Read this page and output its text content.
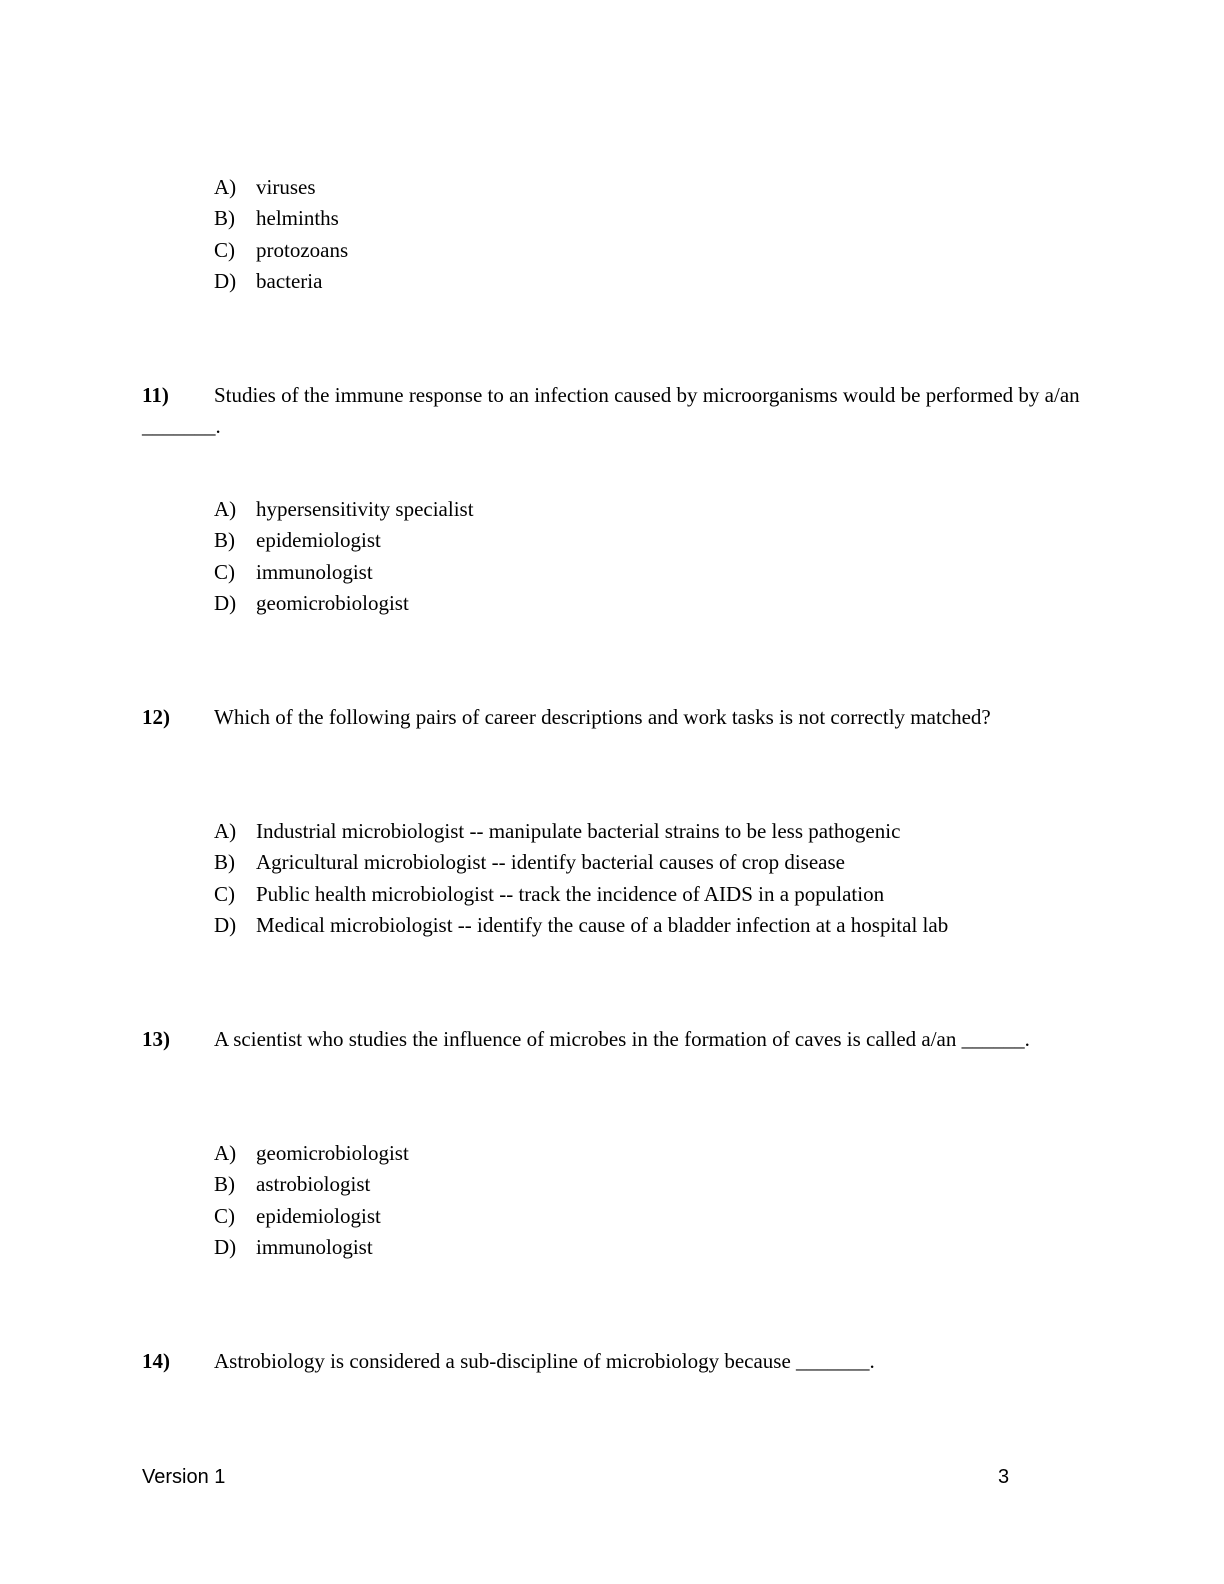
A) viruses
B) helminths
C) protozoans
D) bacteria
11) Studies of the immune response to an infection caused by microorganisms would be performed by a/an _______.
A) hypersensitivity specialist
B) epidemiologist
C) immunologist
D) geomicrobiologist
12) Which of the following pairs of career descriptions and work tasks is not correctly matched?
A) Industrial microbiologist -- manipulate bacterial strains to be less pathogenic
B) Agricultural microbiologist -- identify bacterial causes of crop disease
C) Public health microbiologist -- track the incidence of AIDS in a population
D) Medical microbiologist -- identify the cause of a bladder infection at a hospital lab
13) A scientist who studies the influence of microbes in the formation of caves is called a/an ______.
A) geomicrobiologist
B) astrobiologist
C) epidemiologist
D) immunologist
14) Astrobiology is considered a sub-discipline of microbiology because _______.
Version 1	3
